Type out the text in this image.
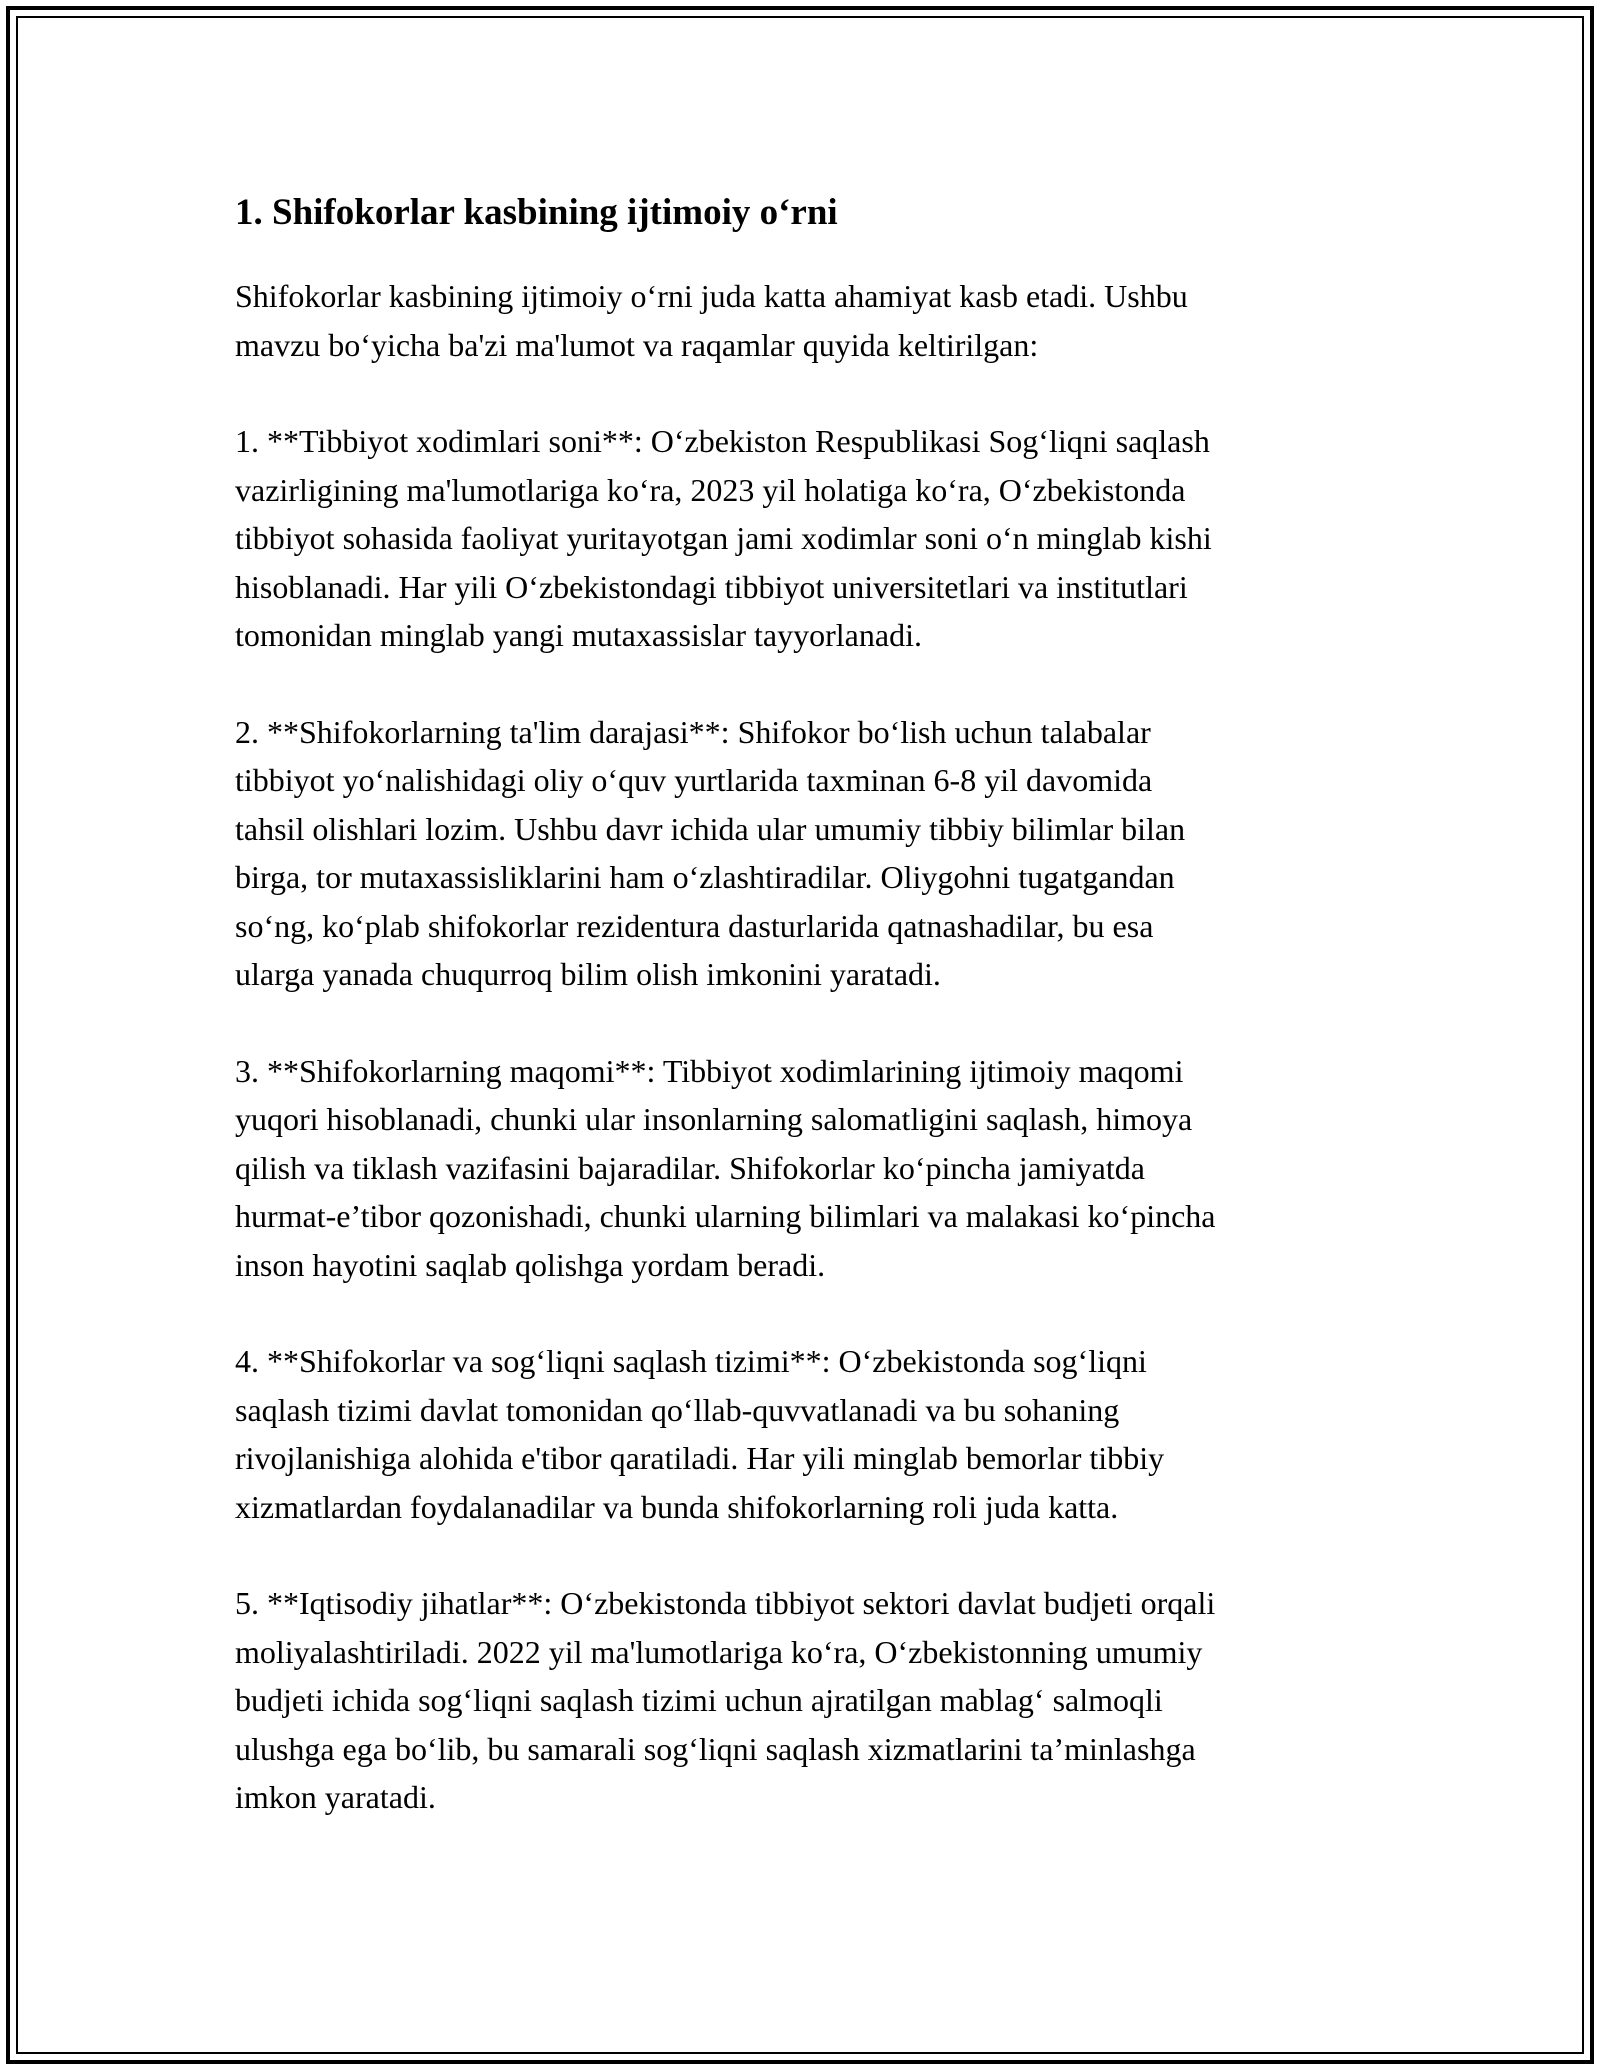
1. Shifokorlar kasbining ijtimoiy o‘rni

Shifokorlar kasbining ijtimoiy o‘rni juda katta ahamiyat kasb etadi. Ushbu
mavzu bo‘yicha ba'zi ma'lumot va raqamlar quyida keltirilgan:

1. **Tibbiyot xodimlari soni**: O‘zbekiston Respublikasi Sog‘liqni saqlash
vazirligining ma'lumotlariga ko‘ra, 2023 yil holatiga ko‘ra, O‘zbekistonda
tibbiyot sohasida faoliyat yuritayotgan jami xodimlar soni o‘n minglab kishi
hisoblanadi. Har yili O‘zbekistondagi tibbiyot universitetlari va institutlari
tomonidan minglab yangi mutaxassislar tayyorlanadi.

2. **Shifokorlarning ta'lim darajasi**: Shifokor bo‘lish uchun talabalar
tibbiyot yo‘nalishidagi oliy o‘quv yurtlarida taxminan 6-8 yil davomida
tahsil olishlari lozim. Ushbu davr ichida ular umumiy tibbiy bilimlar bilan
birga, tor mutaxassisliklarini ham o‘zlashtiradilar. Oliygohni tugatgandan
so‘ng, ko‘plab shifokorlar rezidentura dasturlarida qatnashadilar, bu esa
ularga yanada chuqurroq bilim olish imkonini yaratadi.

3. **Shifokorlarning maqomi**: Tibbiyot xodimlarining ijtimoiy maqomi
yuqori hisoblanadi, chunki ular insonlarning salomatligini saqlash, himoya
qilish va tiklash vazifasini bajaradilar. Shifokorlar ko‘pincha jamiyatda
hurmat-e’tibor qozonishadi, chunki ularning bilimlari va malakasi ko‘pincha
inson hayotini saqlab qolishga yordam beradi.

4. **Shifokorlar va sog‘liqni saqlash tizimi**: O‘zbekistonda sog‘liqni
saqlash tizimi davlat tomonidan qo‘llab-quvvatlanadi va bu sohaning
rivojlanishiga alohida e'tibor qaratiladi. Har yili minglab bemorlar tibbiy
xizmatlardan foydalanadilar va bunda shifokorlarning roli juda katta.

5. **Iqtisodiy jihatlar**: O‘zbekistonda tibbiyot sektori davlat budjeti orqali
moliyalashtiriladi. 2022 yil ma'lumotlariga ko‘ra, O‘zbekistonning umumiy
budjeti ichida sog‘liqni saqlash tizimi uchun ajratilgan mablag‘ salmoqli
ulushga ega bo‘lib, bu samarali sog‘liqni saqlash xizmatlarini ta’minlashga
imkon yaratadi.
